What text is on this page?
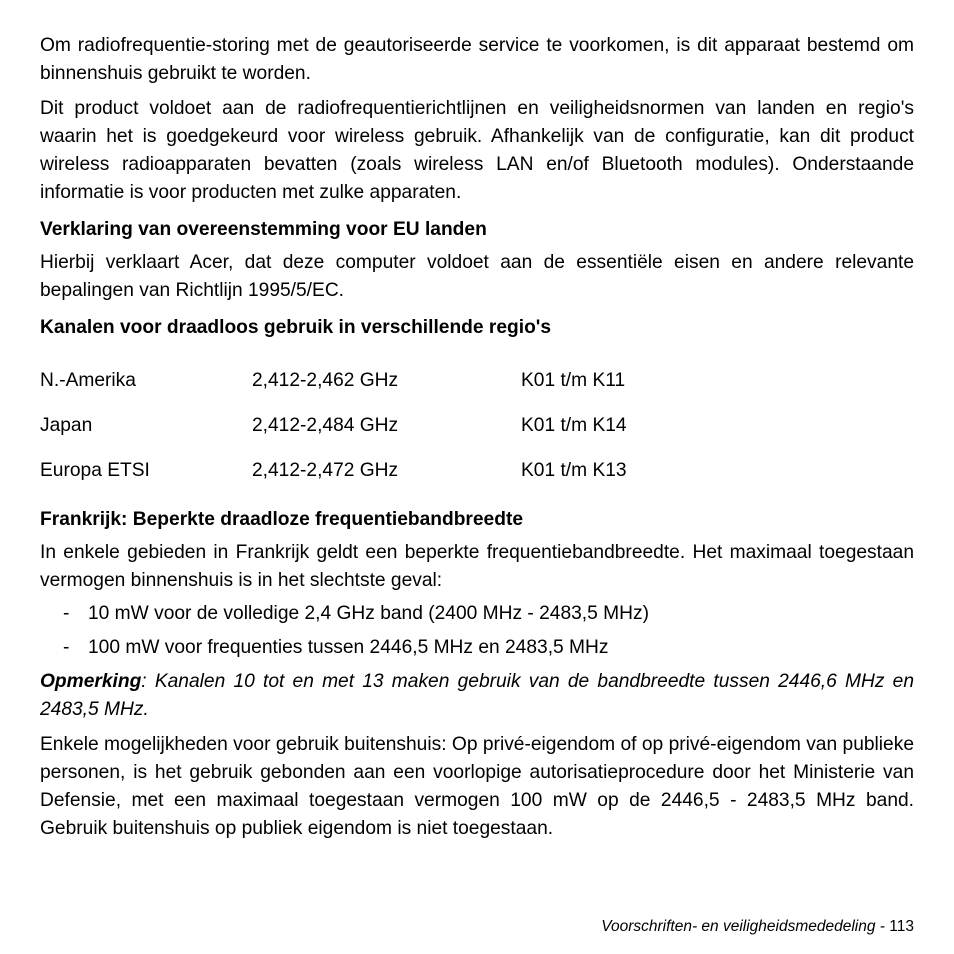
Om radiofrequentie-storing met de geautoriseerde service te voorkomen, is dit apparaat bestemd om binnenshuis gebruikt te worden.

Dit product voldoet aan de radiofrequentierichtlijnen en veiligheidsnormen van landen en regio's waarin het is goedgekeurd voor wireless gebruik. Afhankelijk van de configuratie, kan dit product wireless radioapparaten bevatten (zoals wireless LAN en/of Bluetooth modules). Onderstaande informatie is voor producten met zulke apparaten.

Verklaring van overeenstemming voor EU landen

Hierbij verklaart Acer, dat deze computer voldoet aan de essentiële eisen en andere relevante bepalingen van Richtlijn 1995/5/EC.

Kanalen voor draadloos gebruik in verschillende regio's

N.-Amerika	2,412-2,462 GHz	K01 t/m K11
Japan	2,412-2,484 GHz	K01 t/m K14
Europa ETSI	2,412-2,472 GHz	K01 t/m K13

Frankrijk: Beperkte draadloze frequentiebandbreedte

In enkele gebieden in Frankrijk geldt een beperkte frequentiebandbreedte. Het maximaal toegestaan vermogen binnenshuis is in het slechtste geval:

- 10 mW voor de volledige 2,4 GHz band (2400 MHz - 2483,5 MHz)
- 100 mW voor frequenties tussen 2446,5 MHz en 2483,5 MHz

Opmerking: Kanalen 10 tot en met 13 maken gebruik van de bandbreedte tussen 2446,6 MHz en 2483,5 MHz.

Enkele mogelijkheden voor gebruik buitenshuis: Op privé-eigendom of op privé-eigendom van publieke personen, is het gebruik gebonden aan een voorlopige autorisatieprocedure door het Ministerie van Defensie, met een maximaal toegestaan vermogen 100 mW op de 2446,5 - 2483,5 MHz band. Gebruik buitenshuis op publiek eigendom is niet toegestaan.

Voorschriften- en veiligheidsmededeling - 113
